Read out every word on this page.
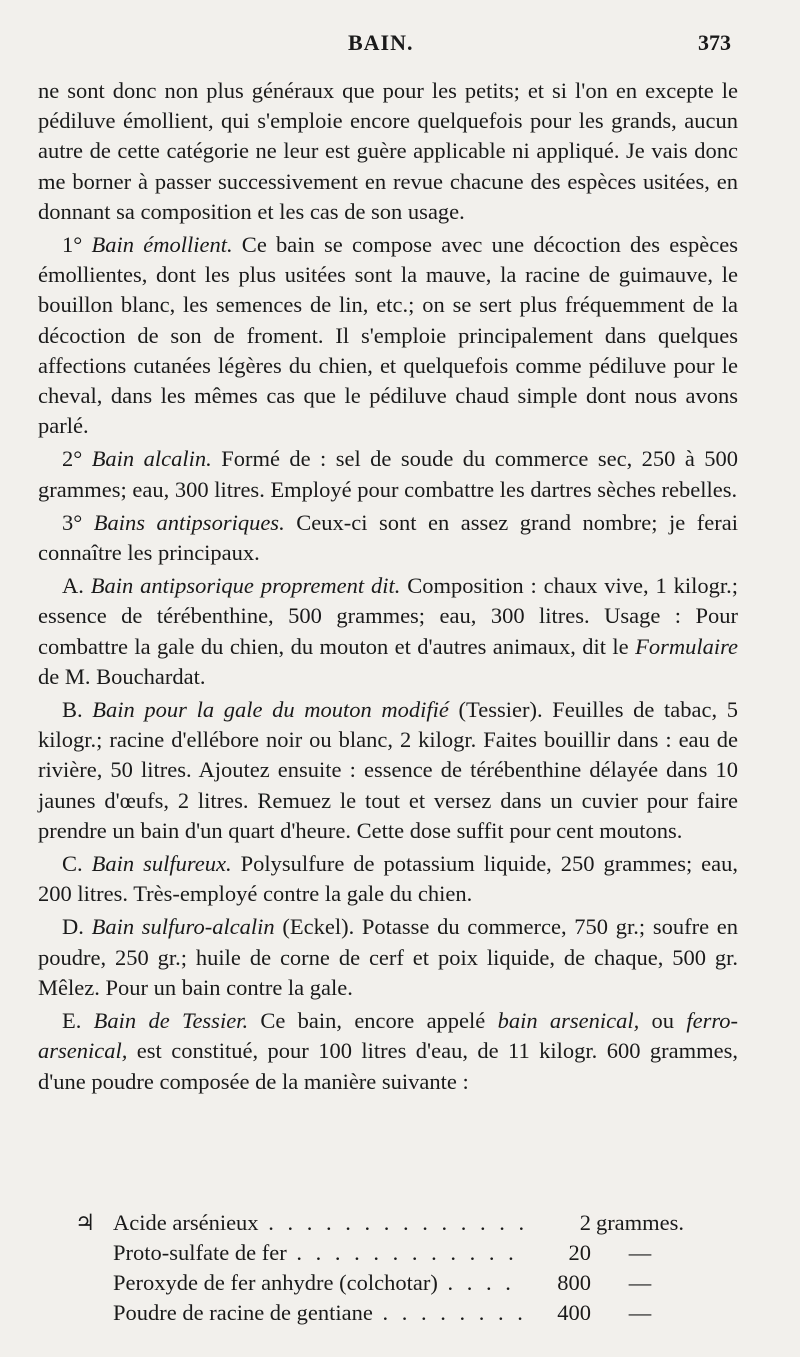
BAIN.	373

ne sont donc non plus généraux que pour les petits; et si l'on en excepte le pédiluve émollient, qui s'emploie encore quelquefois pour les grands, aucun autre de cette catégorie ne leur est guère applicable ni appliqué. Je vais donc me borner à passer successivement en revue chacune des espèces usitées, en donnant sa composition et les cas de son usage.

1° Bain émollient. Ce bain se compose avec une décoction des espèces émollientes, dont les plus usitées sont la mauve, la racine de guimauve, le bouillon blanc, les semences de lin, etc.; on se sert plus fréquemment de la décoction de son de froment. Il s'emploie principalement dans quelques affections cutanées légères du chien, et quelquefois comme pédiluve pour le cheval, dans les mêmes cas que le pédiluve chaud simple dont nous avons parlé.

2° Bain alcalin. Formé de : sel de soude du commerce sec, 250 à 500 grammes; eau, 300 litres. Employé pour combattre les dartres sèches rebelles.

3° Bains antipsoriques. Ceux-ci sont en assez grand nombre; je ferai connaître les principaux.

A. Bain antipsorique proprement dit. Composition : chaux vive, 1 kilogr.; essence de térébenthine, 500 grammes; eau, 300 litres. Usage : Pour combattre la gale du chien, du mouton et d'autres animaux, dit le Formulaire de M. Bouchardat.

B. Bain pour la gale du mouton modifié (Tessier). Feuilles de tabac, 5 kilogr.; racine d'ellébore noir ou blanc, 2 kilogr. Faites bouillir dans : eau de rivière, 50 litres. Ajoutez ensuite : essence de térébenthine délayée dans 10 jaunes d'œufs, 2 litres. Remuez le tout et versez dans un cuvier pour faire prendre un bain d'un quart d'heure. Cette dose suffit pour cent moutons.

C. Bain sulfureux. Polysulfure de potassium liquide, 250 grammes; eau, 200 litres. Très-employé contre la gale du chien.

D. Bain sulfuro-alcalin (Eckel). Potasse du commerce, 750 gr.; soufre en poudre, 250 gr.; huile de corne de cerf et poix liquide, de chaque, 500 gr. Mêlez. Pour un bain contre la gale.

E. Bain de Tessier. Ce bain, encore appelé bain arsenical, ou ferro-arsenical, est constitué, pour 100 litres d'eau, de 11 kilogr. 600 grammes, d'une poudre composée de la manière suivante :

♃ Acide arsénieux . . .	2 grammes.
Proto-sulfate de fer . . .	20	—
Peroxyde de fer anhydre (colchotar) . . .	800	—
Poudre de racine de gentiane . . .	400	—
